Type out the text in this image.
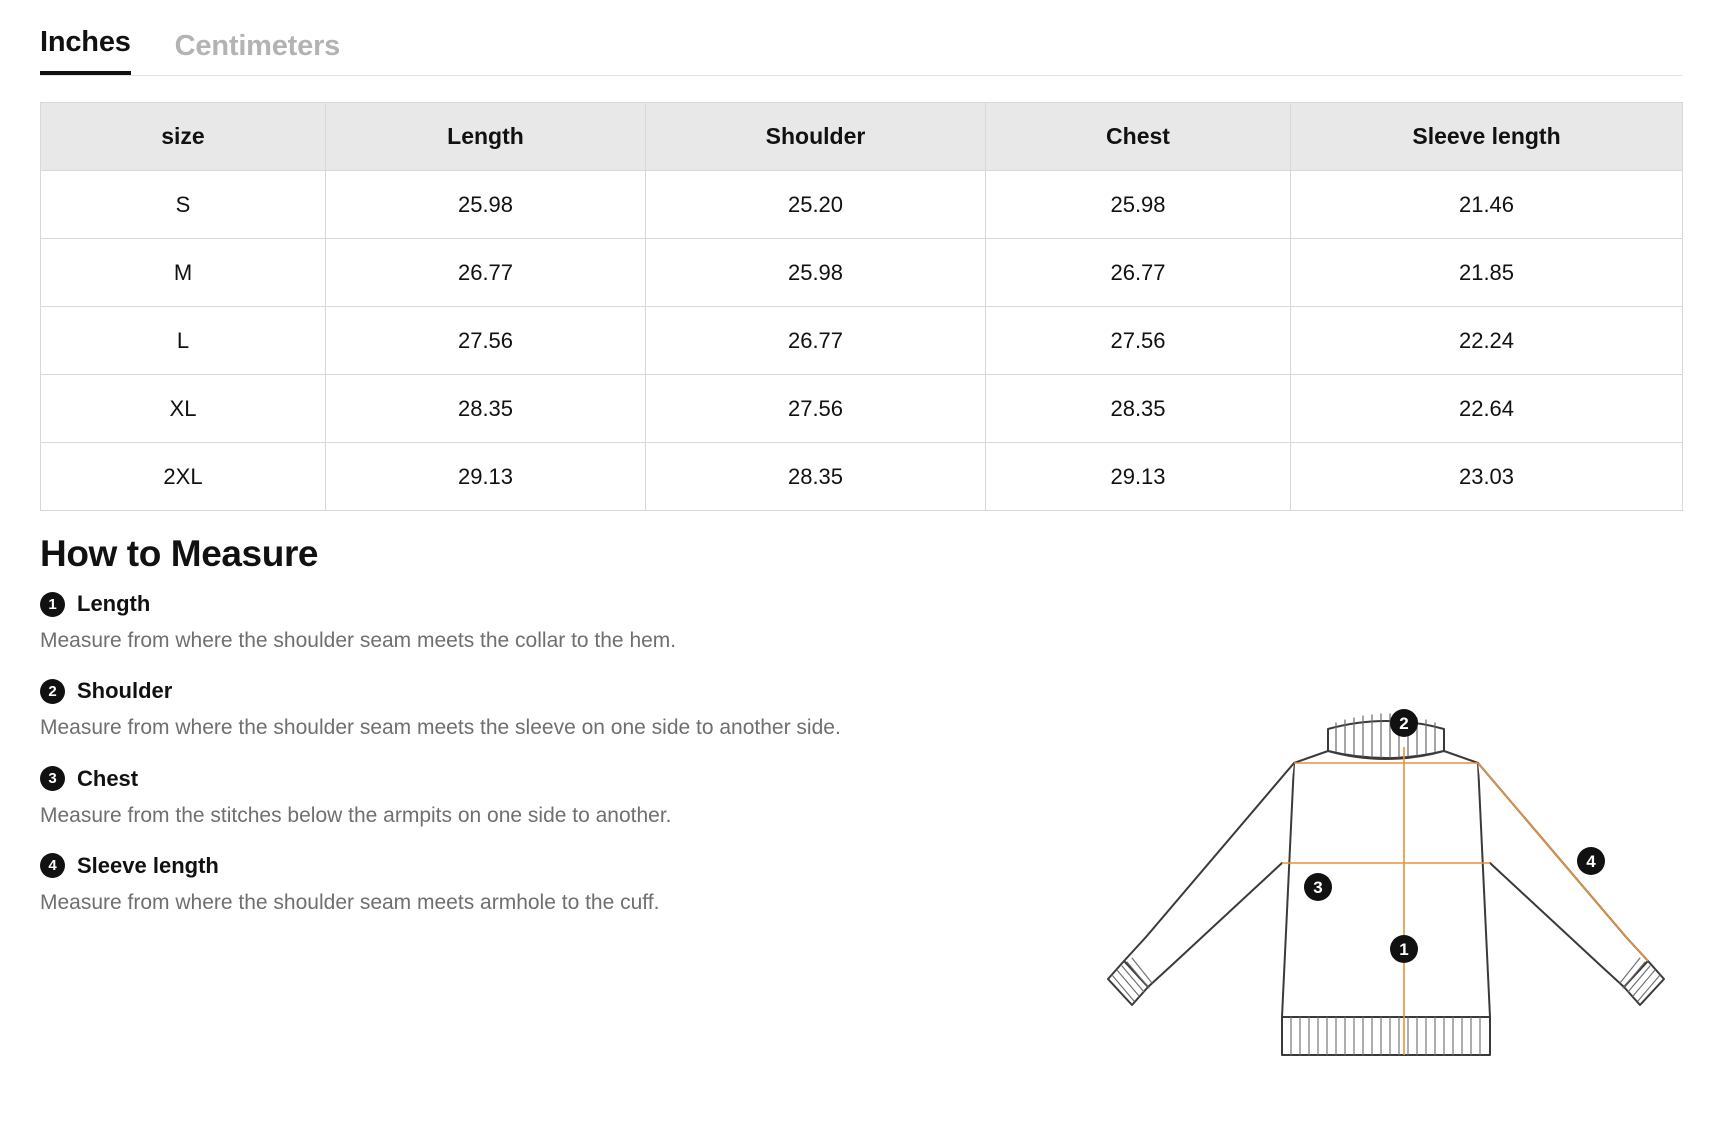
Inches Centimeters
size	Length	Shoulder	Chest	Sleeve length
S	25.98	25.20	25.98	21.46
M	26.77	25.98	26.77	21.85
L	27.56	26.77	27.56	22.24
XL	28.35	27.56	28.35	22.64
2XL	29.13	28.35	29.13	23.03
How to Measure
1 Length

Measure from where the shoulder seam meets the collar to the hem.

2 Shoulder

Measure from where the shoulder seam meets the sleeve on one side to another side.

3 Chest

Measure from the stitches below the armpits on one side to another.

4 Sleeve length

Measure from where the shoulder seam meets armhole to the cuff.

2
4
3
1
